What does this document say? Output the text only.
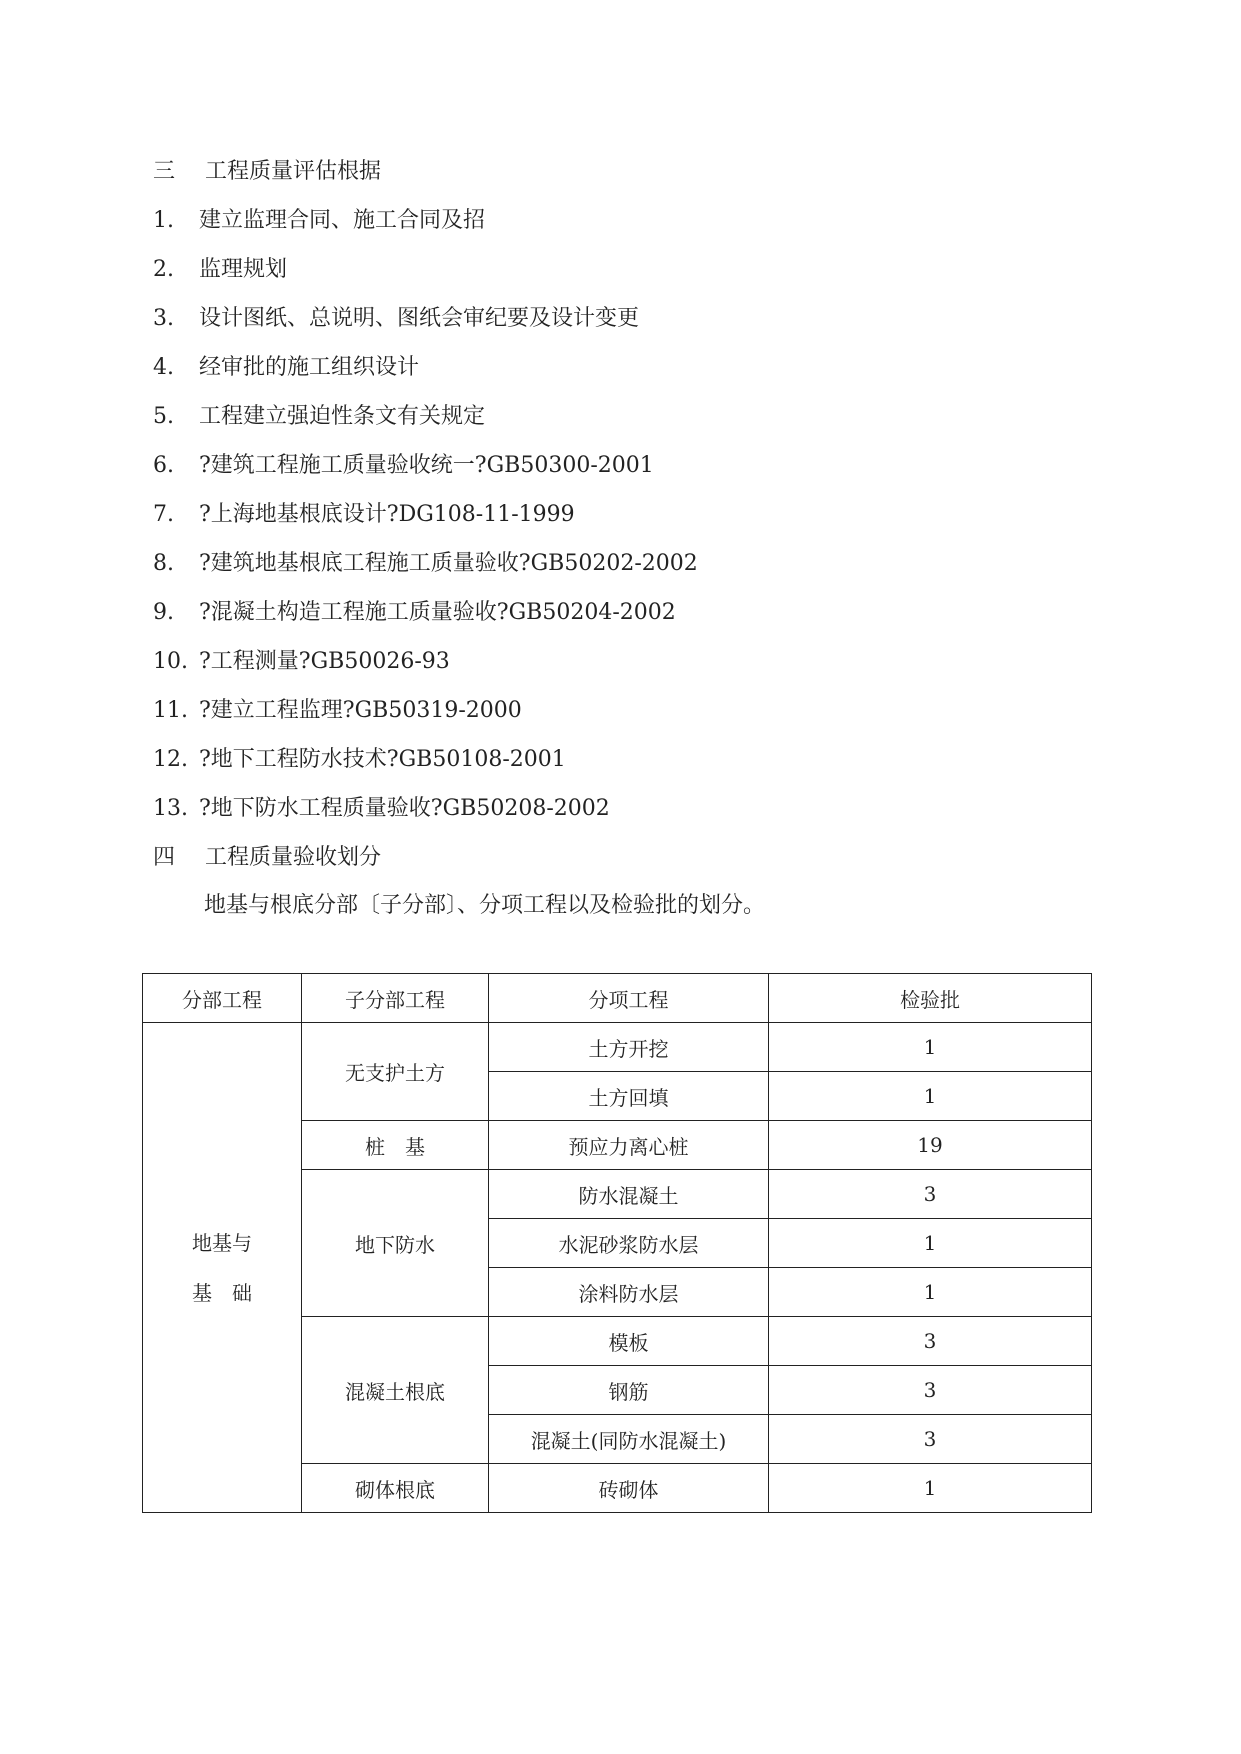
三 工程质量评估根据
1. 建立监理合同、施工合同及招
2. 监理规划
3. 设计图纸、总说明、图纸会审纪要及设计变更
4. 经审批的施工组织设计
5. 工程建立强迫性条文有关规定
6. ?建筑工程施工质量验收统一?GB50300-2001
7. ?上海地基根底设计?DG108-11-1999
8. ?建筑地基根底工程施工质量验收?GB50202-2002
9. ?混凝土构造工程施工质量验收?GB50204-2002
10. ?工程测量?GB50026-93
11. ?建立工程监理?GB50319-2000
12. ?地下工程防水技术?GB50108-2001
13. ?地下防水工程质量验收?GB50208-2002
四 工程质量验收划分
地基与根底分部〔子分部〕、分项工程以及检验批的划分。
分部工程	子分部工程	分项工程	检验批

地基与
基　础	无支护土方	土方开挖	1
		土方回填	1
	桩　基	预应力离心桩	19
	地下防水	防水混凝土	3
		水泥砂浆防水层	1
		涂料防水层	1
	混凝土根底	模板	3
		钢筋	3
		混凝土(同防水混凝土)	3
	砌体根底	砖砌体	1
